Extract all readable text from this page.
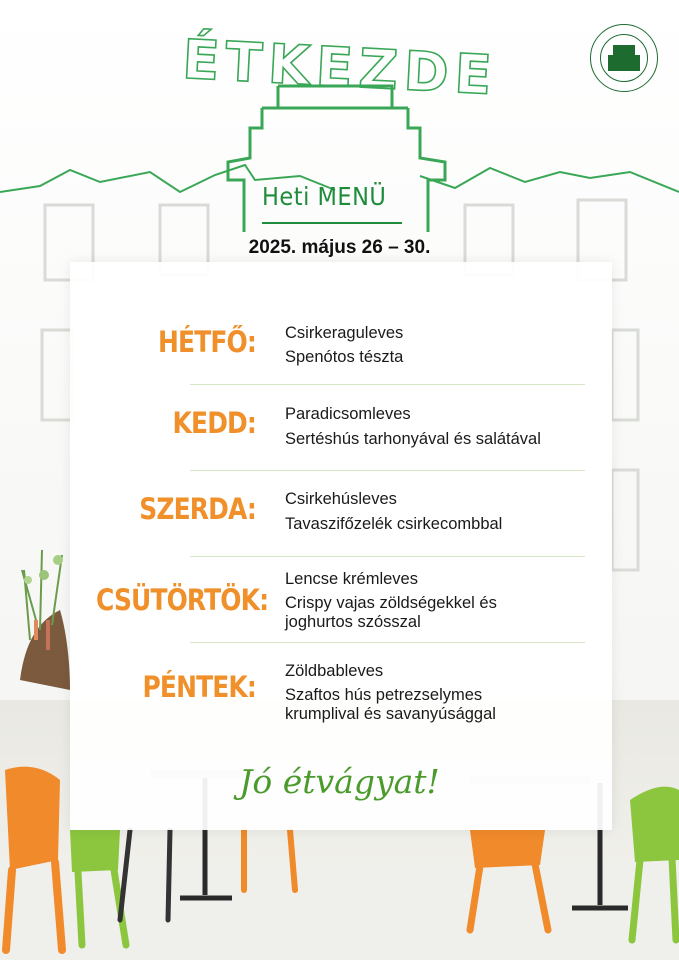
ÉTKEZDE
Heti MENÜ
2025. május 26 – 30.
HÉTFŐ: Csirkeraguleves
Spenótos tészta
KEDD: Paradicsomleves
Sertéshús tarhonyával és salátával
SZERDA: Csirkehúsleves
Tavaszifőzelék csirkecombbal
CSÜTÖRTÖK:
Lencse krémleves
Crispy vajas zöldségekkel és
joghurtos szósszal
PÉNTEK: Zöldbableves
Szaftos hús petrezselymes
krumplival és savanyúsággal
Jó étvágyat!
